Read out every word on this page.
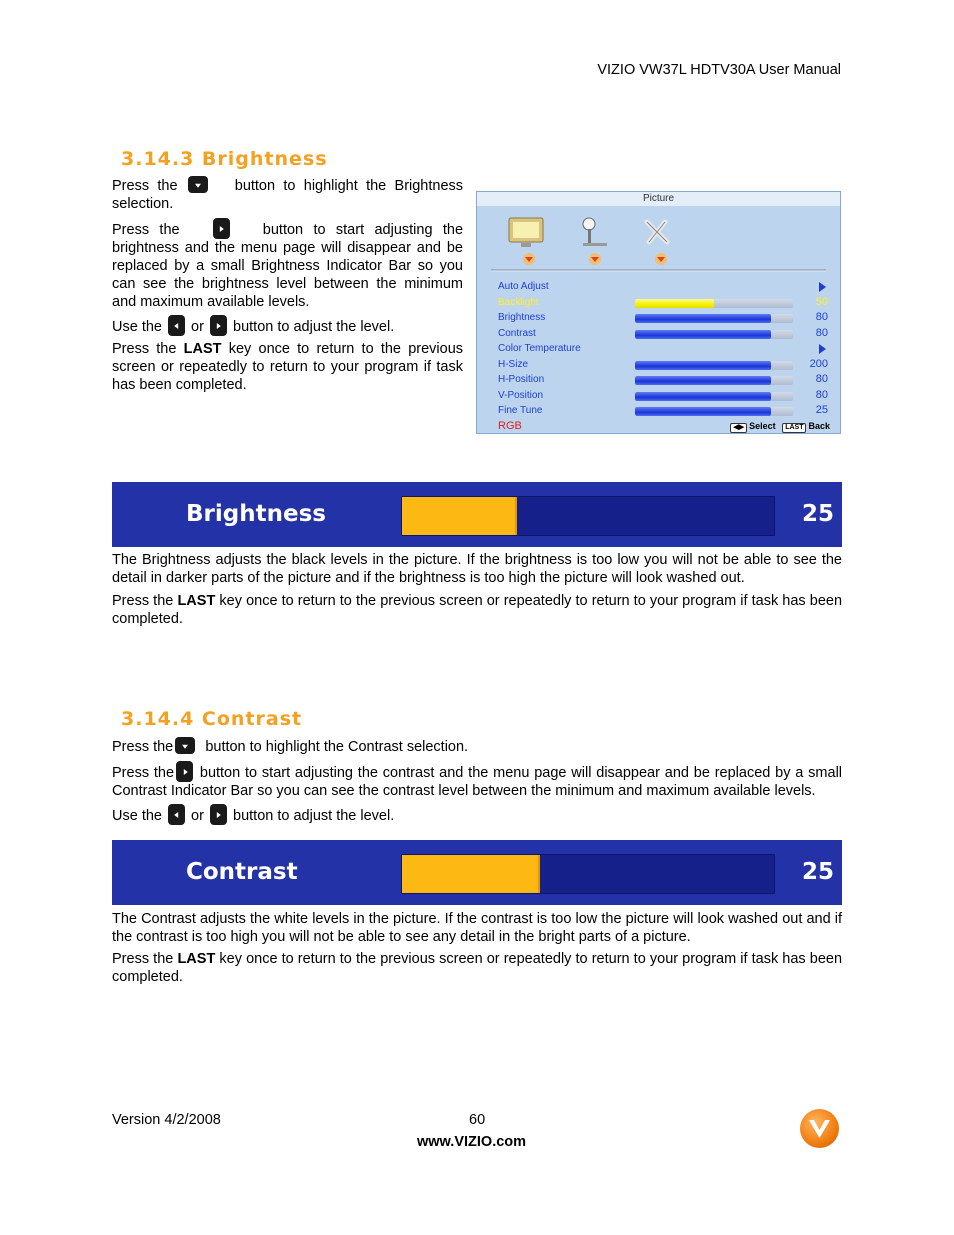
VIZIO VW37L HDTV30A User Manual
3.14.3 Brightness

Press the	button to highlight the Brightness selection.

Press the	button to start adjusting the brightness and the menu page will disappear and be replaced by a small Brightness Indicator Bar so you can see the brightness level between the minimum and maximum available levels.

Use the or button to adjust the level.

Press the LAST key once to return to the previous screen or repeatedly to return to your program if task has been completed.

Picture
Auto Adjust
Backlight	50
Brightness	80
Contrast	80
Color Temperature
H-Size	200
H-Position	80
V-Position	80
Fine Tune	25
RGB	◀▶ Select LAST Back
Brightness	25

The Brightness adjusts the black levels in the picture. If the brightness is too low you will not be able to see the detail in darker parts of the picture and if the brightness is too high the picture will look washed out.

Press the LAST key once to return to the previous screen or repeatedly to return to your program if task has been completed.

3.14.4 Contrast

Press the button to highlight the Contrast selection.

Press the button to start adjusting the contrast and the menu page will disappear and be replaced by a small Contrast Indicator Bar so you can see the contrast level between the minimum and maximum available levels.

Use the or button to adjust the level.

Contrast	25

The Contrast adjusts the white levels in the picture. If the contrast is too low the picture will look washed out and if the contrast is too high you will not be able to see any detail in the bright parts of a picture.

Press the LAST key once to return to the previous screen or repeatedly to return to your program if task has been completed.

Version 4/2/2008	60
www.VIZIO.com
